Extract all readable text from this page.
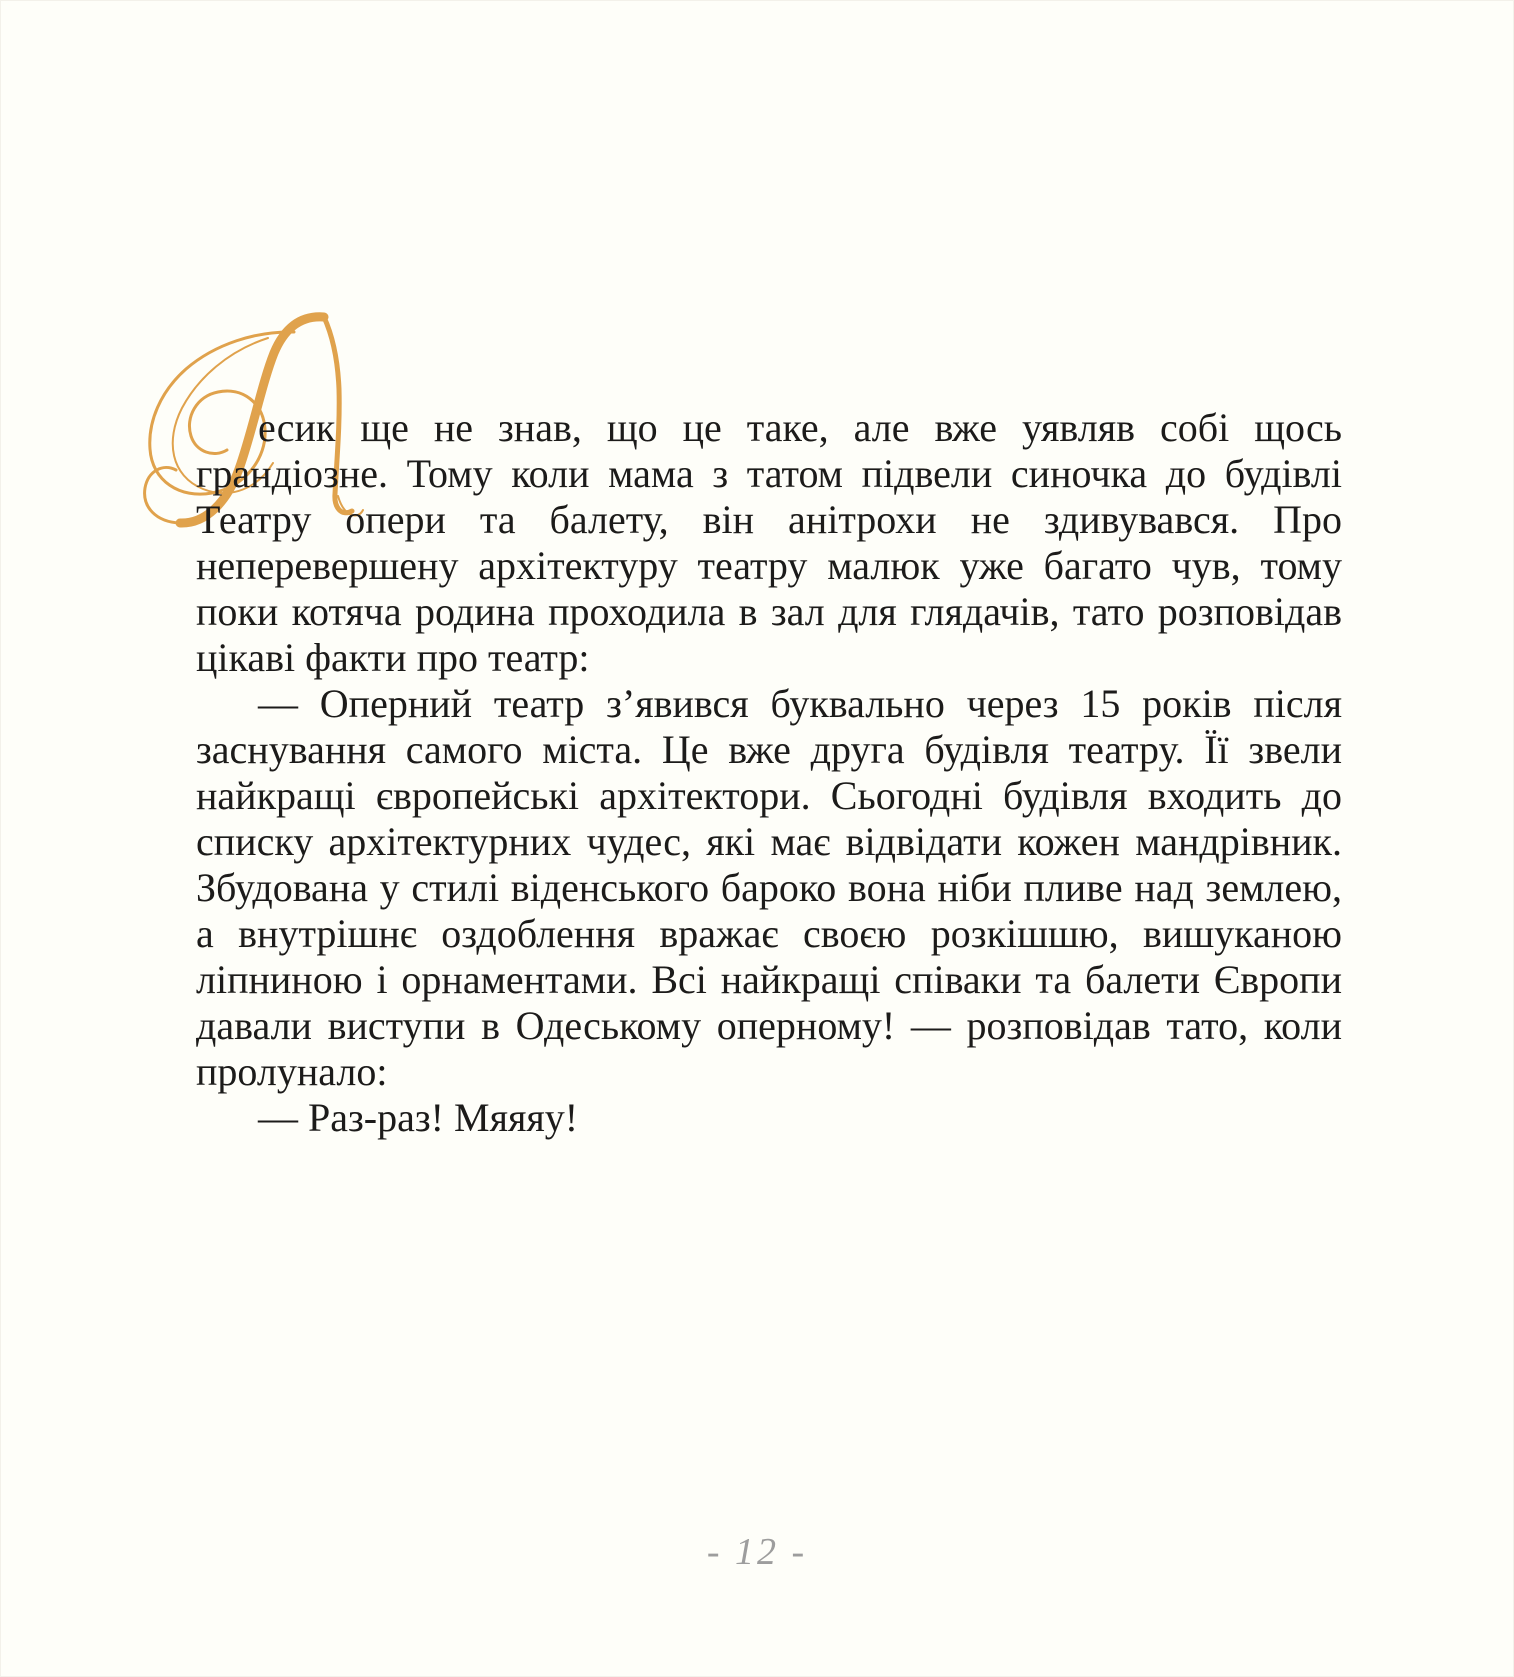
есик ще не знав, що це таке, але вже уявляв собі щось грандіозне. Тому коли мама з татом підвели синочка до будівлі Театру опери та балету, він анітрохи не здивувався. Про неперевершену архітектуру театру малюк уже багато чув, тому поки котяча родина проходила в зал для глядачів, тато розповідав цікаві факти про театр:

— Оперний театр з’явився буквально через 15 років після заснування самого міста. Це вже друга будівля театру. Її звели найкращі європейські архітектори. Сьогодні будівля входить до списку архітектурних чудес, які має відвідати кожен мандрівник. Збудована у стилі віденського бароко вона ніби пливе над землею, а внутрішнє оздоблення вражає своєю розкішшю, вишуканою ліпниною і орнаментами. Всі найкращі співаки та балети Європи давали виступи в Одеському оперному! — розповідав тато, коли пролунало:

— Раз-раз! Мяяяу!

- 12 -
